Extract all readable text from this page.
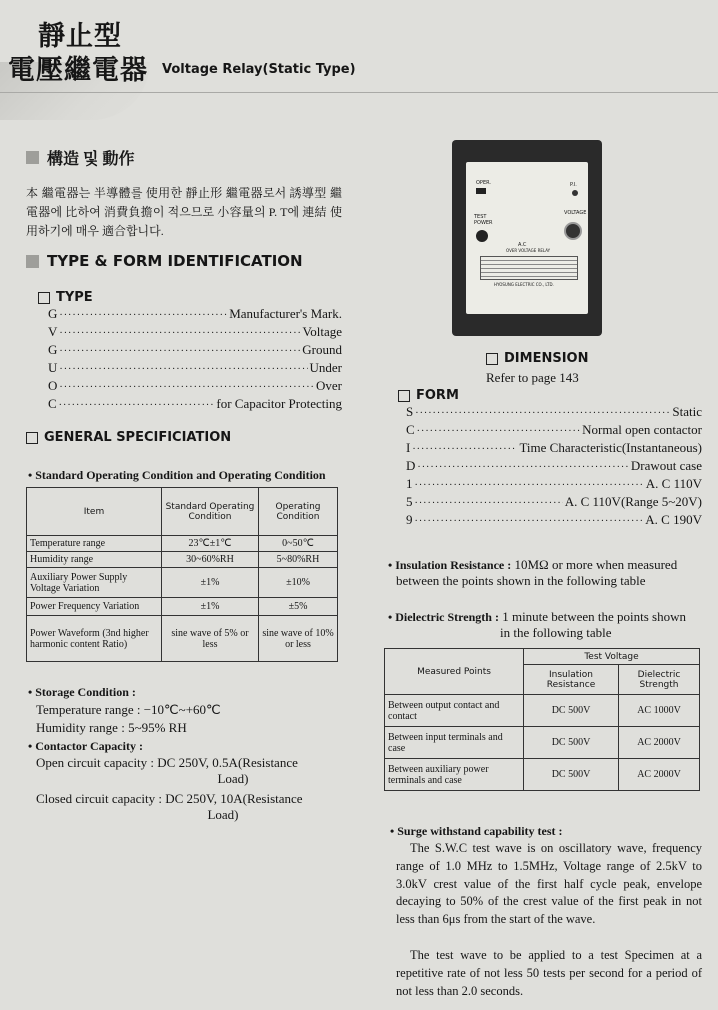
靜止型
電壓繼電器 Voltage Relay(Static Type)
構造 및 動作
本 繼電器는 半導體를 使用한 靜止形 繼電器로서 誘導型 繼電器에 比하여 消費負擔이 적으므로 小容量의 P. T에 連結 使用하기에 매우 適合합니다.
TYPE & FORM IDENTIFICATION
TYPE
G ·····	Manufacturer's Mark.
V ·····	Voltage
G ·····	Ground
U ·····	Under
O ·····	Over
C ·····	for Capacitor Protecting
GENERAL SPECIFICIATION
• Standard Operating Condition and Operating Condition
Item	Standard Operating Condition	Operating Condition
Temperature range	23℃±1℃	0~50℃
Humidity range	30~60%RH	5~80%RH
Auxiliary Power Supply Voltage Variation	±1%	±10%
Power Frequency Variation	±1%	±5%
Power Waveform (3nd higher harmonic content Ratio)	sine wave of 5% or less	sine wave of 10% or less
• Storage Condition :
Temperature range : −10℃~+60℃
Humidity range : 5~95% RH
• Contactor Capacity :
Open circuit capacity : DC 250V, 0.5A(Resistance
Load)
Closed circuit capacity : DC 250V, 10A(Resistance
Load)
OPER.	P.I.
TEST
POWER
VOLTAGE
A.C
OVER VOLTAGE RELAY
HYOSUNG ELECTRIC CO., LTD.
DIMENSION
Refer to page 143
FORM
S ·····	Static
C ·····	Normal open contactor
I ·····	Time Characteristic(Instantaneous)
D ·····	Drawout case
1 ·····	A. C 110V
5 ·····	A. C 110V(Range 5~20V)
9 ·····	A. C 190V
• Insulation Resistance : 10MΩ or more when measured
between the points shown in the following table
• Dielectric Strength : 1 minute between the points shown
in the following table
Measured Points	Test Voltage	
	Insulation Resistance	Dielectric Strength
Between output contact and contact	DC 500V	AC 1000V
Between input terminals and case	DC 500V	AC 2000V
Between auxiliary power terminals and case	DC 500V	AC 2000V
• Surge withstand capability test :
The S.W.C test wave is on oscillatory wave, frequency range of 1.0 MHz to 1.5MHz, Voltage range of 2.5kV to 3.0kV crest value of the first half cycle peak, envelope decaying to 50% of the crest value of the first peak in not less than 6μs from the start of the wave.
The test wave to be applied to a test Specimen at a repetitive rate of not less 50 tests per second for a period of not less than 2.0 seconds.
